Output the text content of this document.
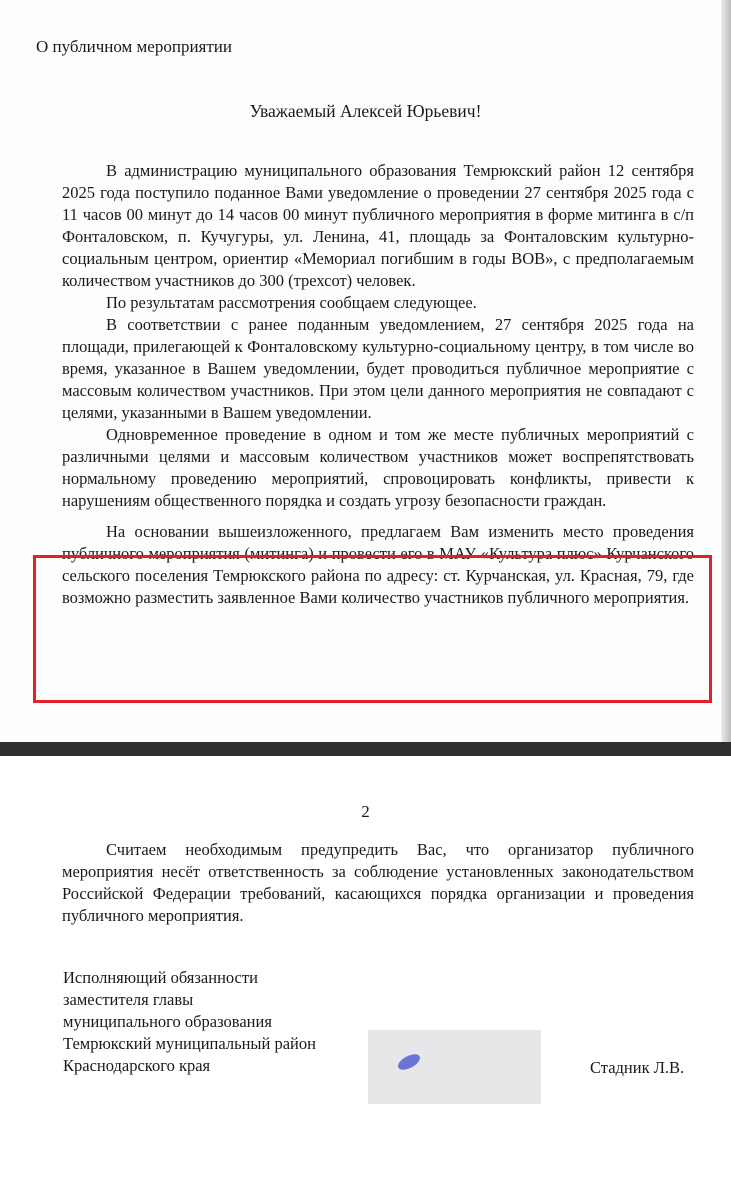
О публичном мероприятии

Уважаемый Алексей Юрьевич!

В администрацию муниципального образования Темрюкский район 12 сентября 2025 года поступило поданное Вами уведомление о проведении 27 сентября 2025 года с 11 часов 00 минут до 14 часов 00 минут публичного мероприятия в форме митинга в с/п Фонталовском, п. Кучугуры, ул. Ленина, 41, площадь за Фонталовским культурно-социальным центром, ориентир «Мемориал погибшим в годы ВОВ», с предполагаемым количеством участников до 300 (трехсот) человек.

По результатам рассмотрения сообщаем следующее.

В соответствии с ранее поданным уведомлением, 27 сентября 2025 года на площади, прилегающей к Фонталовскому культурно-социальному центру, в том числе во время, указанное в Вашем уведомлении, будет проводиться публичное мероприятие с массовым количеством участников. При этом цели данного мероприятия не совпадают с целями, указанными в Вашем уведомлении.

Одновременное проведение в одном и том же месте публичных мероприятий с различными целями и массовым количеством участников может воспрепятствовать нормальному проведению мероприятий, спровоцировать конфликты, привести к нарушениям общественного порядка и создать угрозу безопасности граждан.

На основании вышеизложенного, предлагаем Вам изменить место проведения публичного мероприятия (митинга) и провести его в МАУ «Культура плюс» Курчанского сельского поселения Темрюкского района по адресу: ст. Курчанская, ул. Красная, 79, где возможно разместить заявленное Вами количество участников публичного мероприятия.

2

Считаем необходимым предупредить Вас, что организатор публичного мероприятия несёт ответственность за соблюдение установленных законодательством Российской Федерации требований, касающихся порядка организации и проведения публичного мероприятия.

Исполняющий обязанности
заместителя главы
муниципального образования
Темрюкский муниципальный район
Краснодарского края	Стадник Л.В.
